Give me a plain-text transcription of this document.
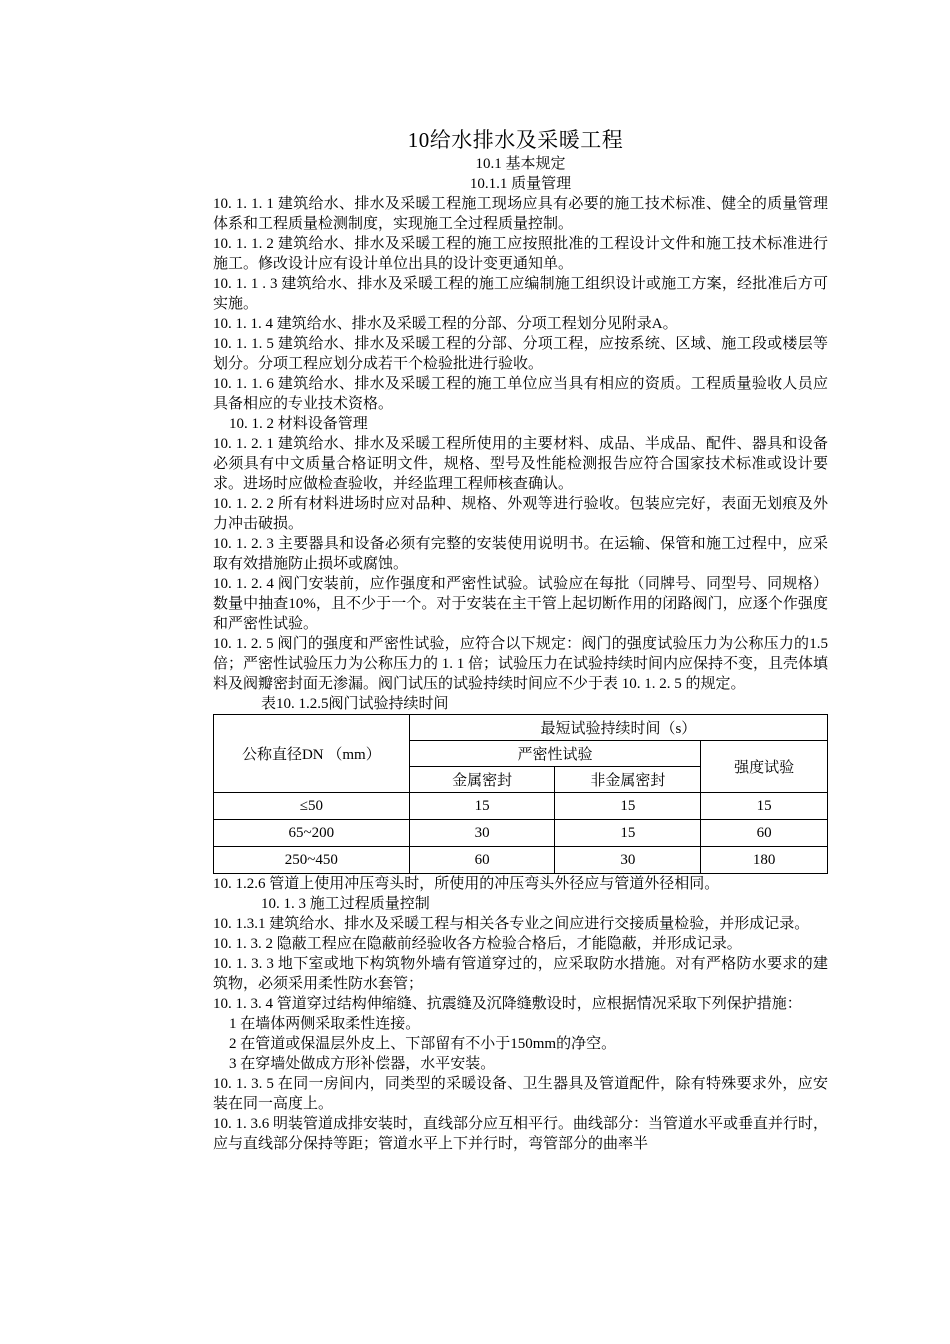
10给水排水及采暖工程
10.1 基本规定
10.1.1 质量管理

10. 1. 1. 1 建筑给水、排水及采暖工程施工现场应具有必要的施工技术标准、健全的质量管理体系和工程质量检测制度，实现施工全过程质量控制。

10. 1. 1. 2 建筑给水、排水及采暖工程的施工应按照批准的工程设计文件和施工技术标准进行施工。修改设计应有设计单位出具的设计变更通知单。

10. 1. 1 . 3 建筑给水、排水及采暖工程的施工应编制施工组织设计或施工方案，经批准后方可实施。

10. 1. 1. 4 建筑给水、排水及采暖工程的分部、分项工程划分见附录A。

10. 1. 1. 5 建筑给水、排水及采暖工程的分部、分项工程，应按系统、区域、施工段或楼层等划分。分项工程应划分成若干个检验批进行验收。

10. 1. 1. 6 建筑给水、排水及采暖工程的施工单位应当具有相应的资质。工程质量验收人员应具备相应的专业技术资格。

10. 1. 2 材料设备管理

10. 1. 2. 1 建筑给水、排水及采暖工程所使用的主要材料、成品、半成品、配件、器具和设备必须具有中文质量合格证明文件，规格、型号及性能检测报告应符合国家技术标准或设计要求。进场时应做检查验收，并经监理工程师核查确认。

10. 1. 2. 2 所有材料进场时应对品种、规格、外观等进行验收。包装应完好，表面无划痕及外力冲击破损。

10. 1. 2. 3 主要器具和设备必须有完整的安装使用说明书。在运输、保管和施工过程中，应采取有效措施防止损坏或腐蚀。

10. 1. 2. 4 阀门安装前，应作强度和严密性试验。试验应在每批（同牌号、同型号、同规格）数量中抽查10%，且不少于一个。对于安装在主干管上起切断作用的闭路阀门，应逐个作强度和严密性试验。

10. 1. 2. 5 阀门的强度和严密性试验，应符合以下规定：阀门的强度试验压力为公称压力的1.5倍；严密性试验压力为公称压力的 1. 1 倍；试验压力在试验持续时间内应保持不变，且壳体填料及阀瓣密封面无渗漏。阀门试压的试验持续时间应不少于表 10. 1. 2. 5 的规定。

表10. 1.2.5阀门试验持续时间

公称直径DN （mm）	最短试验持续时间（s）		
	严密性试验		强度试验
	金属密封	非金属密封	
≤50	15	15	15
65~200	30	15	60
250~450	60	30	180

10. 1.2.6 管道上使用冲压弯头时，所使用的冲压弯头外径应与管道外径相同。

10. 1. 3 施工过程质量控制

10. 1.3.1 建筑给水、排水及采暖工程与相关各专业之间应进行交接质量检验，并形成记录。

10. 1. 3. 2 隐蔽工程应在隐蔽前经验收各方检验合格后，才能隐蔽，并形成记录。

10. 1. 3. 3 地下室或地下构筑物外墙有管道穿过的，应采取防水措施。对有严格防水要求的建筑物，必须采用柔性防水套管；

10. 1. 3. 4 管道穿过结构伸缩缝、抗震缝及沉降缝敷设时，应根据情况采取下列保护措施：

1 在墙体两侧采取柔性连接。

2 在管道或保温层外皮上、下部留有不小于150mm的净空。

3 在穿墙处做成方形补偿器，水平安装。

10. 1. 3. 5 在同一房间内，同类型的采暖设备、卫生器具及管道配件，除有特殊要求外，应安装在同一高度上。

10. 1. 3.6 明装管道成排安装时，直线部分应互相平行。曲线部分：当管道水平或垂直并行时，应与直线部分保持等距；管道水平上下并行时，弯管部分的曲率半
